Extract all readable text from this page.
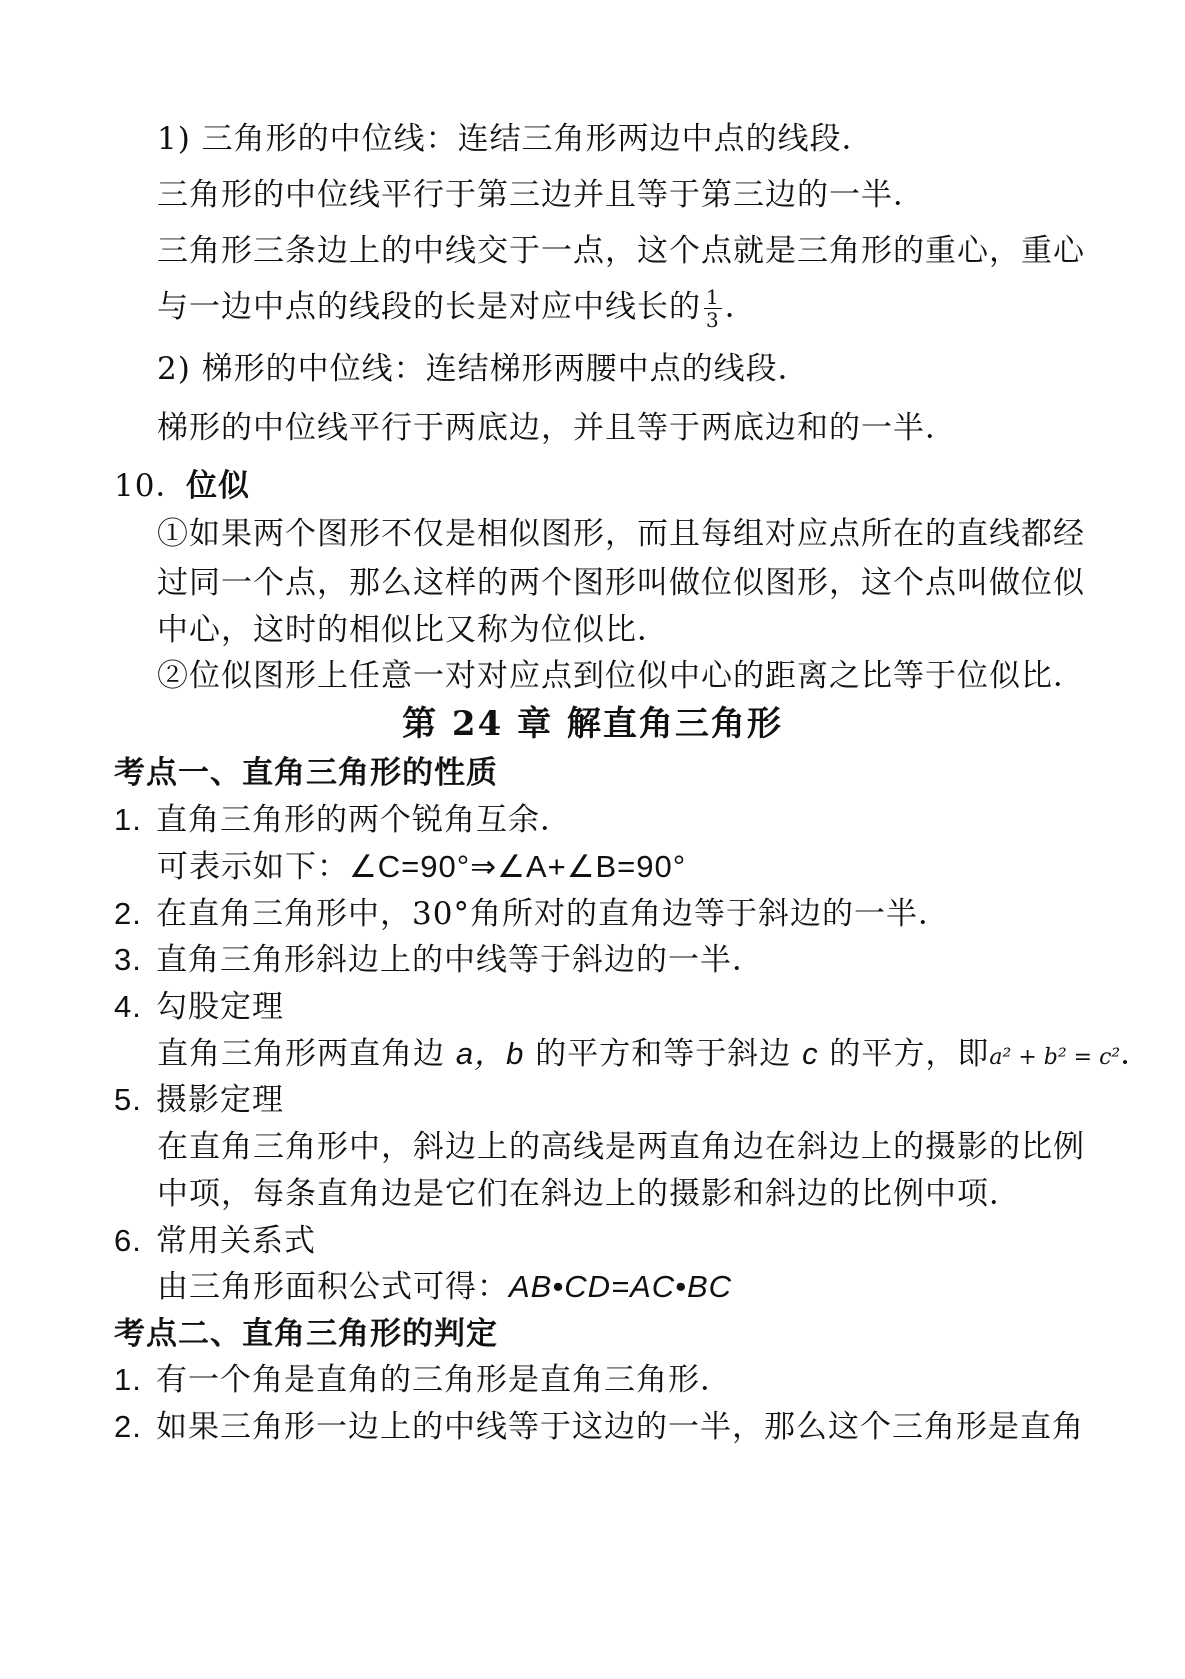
1) 三角形的中位线：连结三角形两边中点的线段．
三角形的中位线平行于第三边并且等于第三边的一半．
三角形三条边上的中线交于一点，这个点就是三角形的重心，重心
与一边中点的线段的长是对应中线长的 $\frac{1}{3}$ ．
2) 梯形的中位线：连结梯形两腰中点的线段．
梯形的中位线平行于两底边，并且等于两底边和的一半．
10．位似
①如果两个图形不仅是相似图形，而且每组对应点所在的直线都经
过同一个点，那么这样的两个图形叫做位似图形，这个点叫做位似
中心，这时的相似比又称为位似比．
②位似图形上任意一对对应点到位似中心的距离之比等于位似比．
第 24 章 解直角三角形
考点一、直角三角形的性质
1. 直角三角形的两个锐角互余．
可表示如下：∠C=90°⇒∠A+∠B=90°
2. 在直角三角形中，30°角所对的直角边等于斜边的一半．
3. 直角三角形斜边上的中线等于斜边的一半．
4. 勾股定理
直角三角形两直角边 a，b 的平方和等于斜边 c 的平方，即a² + b² = c²．
5. 摄影定理
在直角三角形中，斜边上的高线是两直角边在斜边上的摄影的比例
中项，每条直角边是它们在斜边上的摄影和斜边的比例中项．
6. 常用关系式
由三角形面积公式可得：AB•CD=AC•BC
考点二、直角三角形的判定
1. 有一个角是直角的三角形是直角三角形．
2. 如果三角形一边上的中线等于这边的一半，那么这个三角形是直角
